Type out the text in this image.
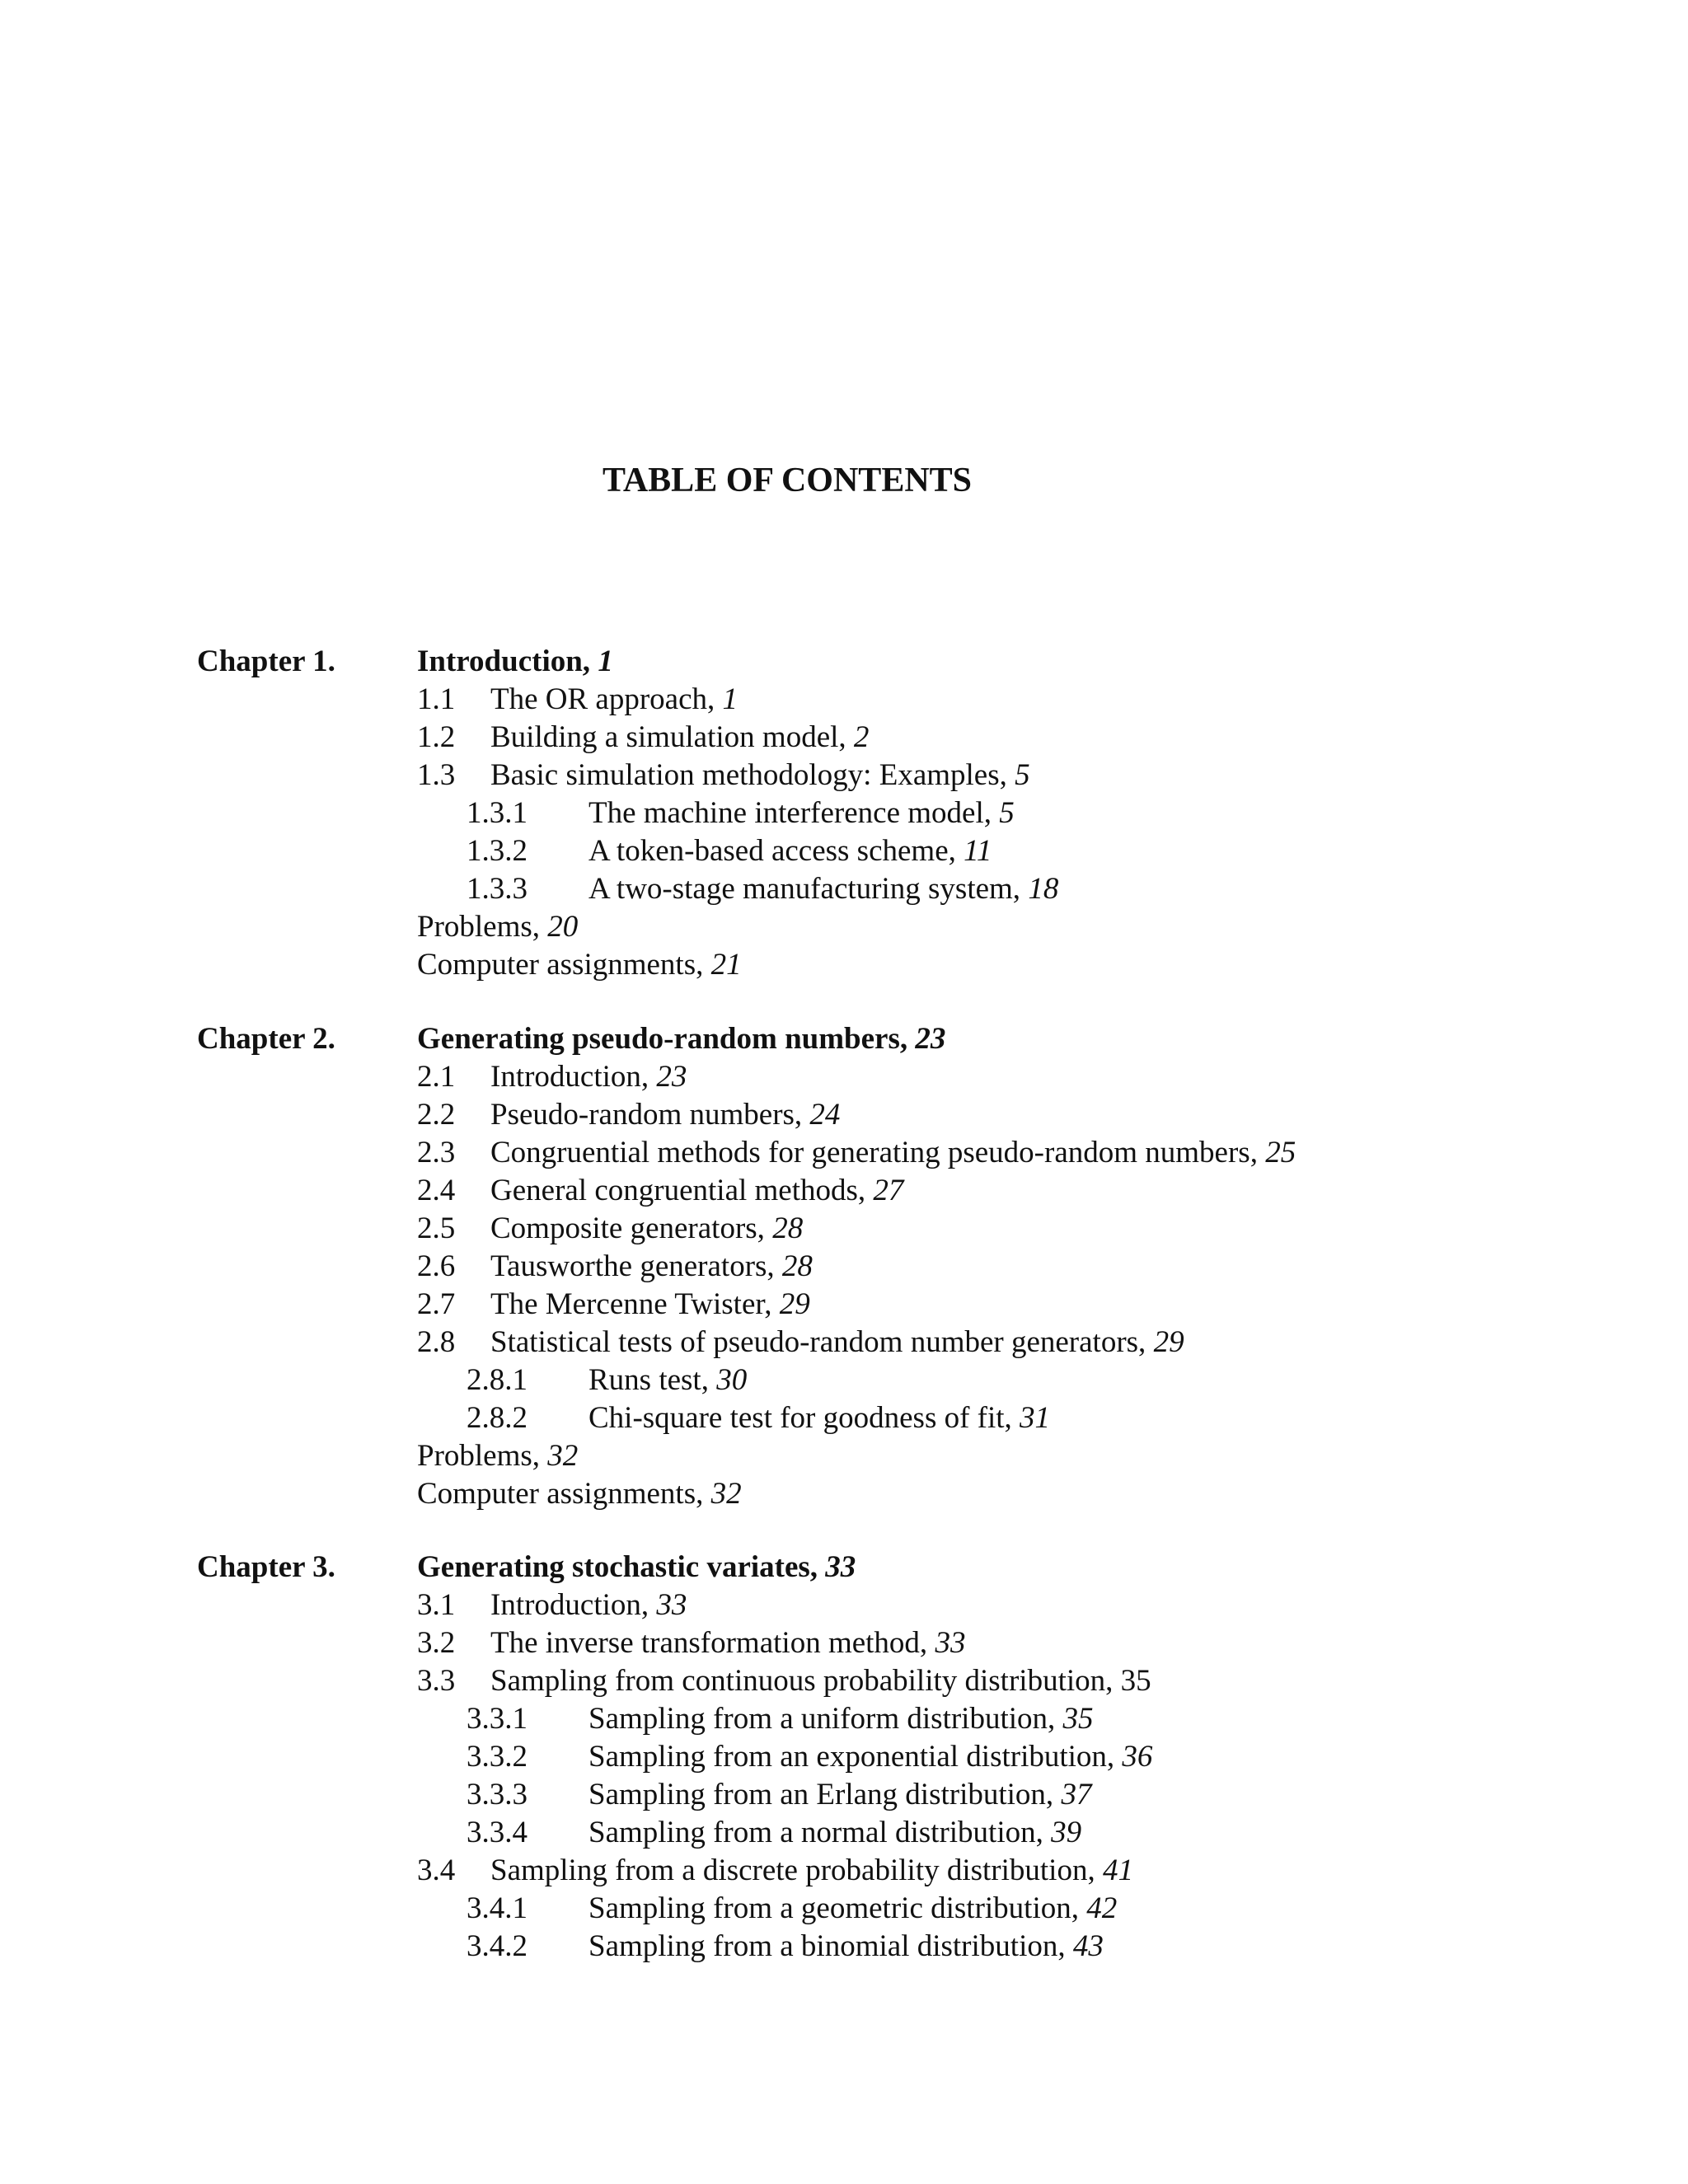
TABLE OF CONTENTS
Chapter 1.	Introduction, 1
1.1 The OR approach, 1
1.2 Building a simulation model, 2
1.3 Basic simulation methodology: Examples, 5
1.3.1 The machine interference model, 5
1.3.2 A token-based access scheme, 11
1.3.3 A two-stage manufacturing system, 18
Problems, 20
Computer assignments, 21
Chapter 2.	Generating pseudo-random numbers, 23
2.1 Introduction, 23
2.2 Pseudo-random numbers, 24
2.3 Congruential methods for generating pseudo-random numbers, 25
2.4 General congruential methods, 27
2.5 Composite generators, 28
2.6 Tausworthe generators, 28
2.7 The Mercenne Twister, 29
2.8 Statistical tests of pseudo-random number generators, 29
2.8.1 Runs test, 30
2.8.2 Chi-square test for goodness of fit, 31
Problems, 32
Computer assignments, 32
Chapter 3.	Generating stochastic variates, 33
3.1 Introduction, 33
3.2 The inverse transformation method, 33
3.3 Sampling from continuous probability distribution, 35
3.3.1 Sampling from a uniform distribution, 35
3.3.2 Sampling from an exponential distribution, 36
3.3.3 Sampling from an Erlang distribution, 37
3.3.4 Sampling from a normal distribution, 39
3.4 Sampling from a discrete probability distribution, 41
3.4.1 Sampling from a geometric distribution, 42
3.4.2 Sampling from a binomial distribution, 43
